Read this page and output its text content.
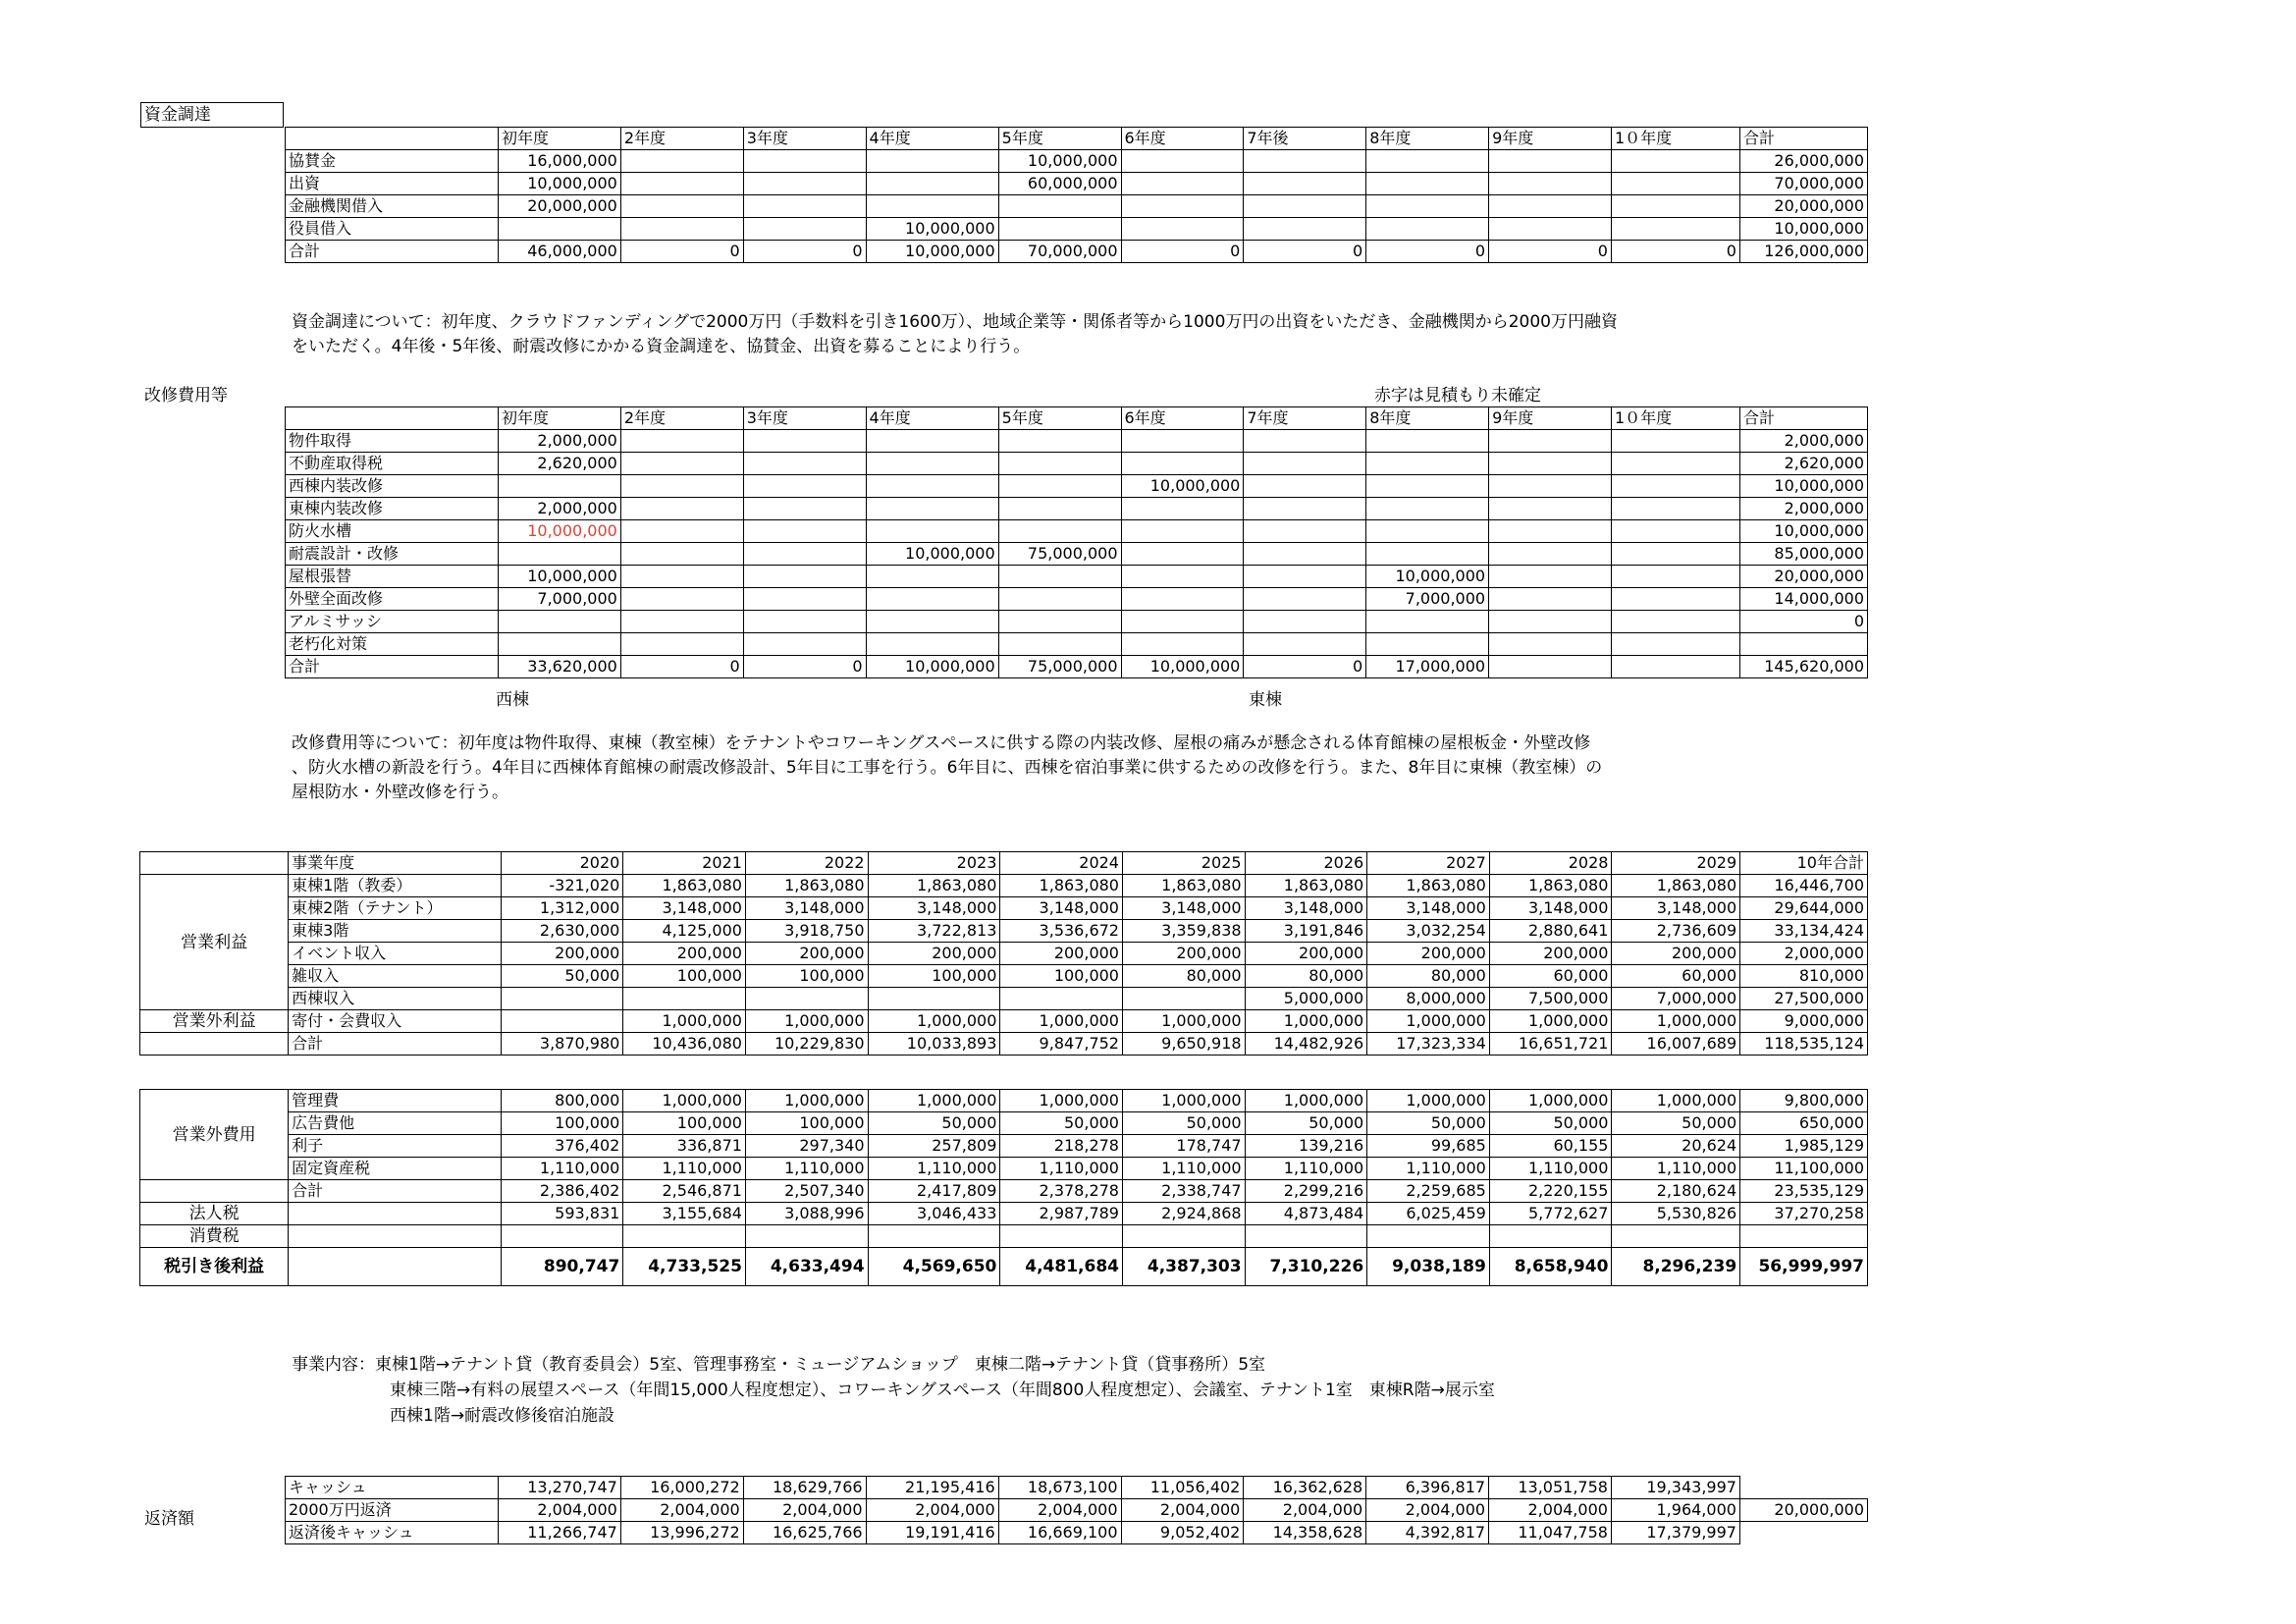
資金調達
	初年度	2年度	3年度	4年度	5年度	6年度	7年後	8年度	9年度	1０年度	合計
協賛金	16,000,000				10,000,000						26,000,000
出資	10,000,000				60,000,000						70,000,000
金融機関借入	20,000,000										20,000,000
役員借入				10,000,000							10,000,000
合計	46,000,000	0	0	10,000,000	70,000,000	0	0	0	0	0	126,000,000
資金調達について：初年度、クラウドファンディングで2000万円（手数料を引き1600万）、地域企業等・関係者等から1000万円の出資をいただき、金融機関から2000万円融資
をいただく。4年後・5年後、耐震改修にかかる資金調達を、協賛金、出資を募ることにより行う。
改修費用等	赤字は見積もり未確定
	初年度	2年度	3年度	4年度	5年度	6年度	7年度	8年度	9年度	1０年度	合計
物件取得	2,000,000										2,000,000
不動産取得税	2,620,000										2,620,000
西棟内装改修						10,000,000					10,000,000
東棟内装改修	2,000,000										2,000,000
防火水槽	10,000,000										10,000,000
耐震設計・改修				10,000,000	75,000,000						85,000,000
屋根張替	10,000,000							10,000,000			20,000,000
外壁全面改修	7,000,000							7,000,000			14,000,000
アルミサッシ											0
老朽化対策											
合計	33,620,000	0	0	10,000,000	75,000,000	10,000,000	0	17,000,000			145,620,000
西棟	東棟
改修費用等について：初年度は物件取得、東棟（教室棟）をテナントやコワーキングスペースに供する際の内装改修、屋根の痛みが懸念される体育館棟の屋根板金・外壁改修
、防火水槽の新設を行う。4年目に西棟体育館棟の耐震改修設計、5年目に工事を行う。6年目に、西棟を宿泊事業に供するための改修を行う。また、8年目に東棟（教室棟）の
屋根防水・外壁改修を行う。
	事業年度	2020	2021	2022	2023	2024	2025	2026	2027	2028	2029	10年合計
営業利益	東棟1階（教委）	-321,020	1,863,080	1,863,080	1,863,080	1,863,080	1,863,080	1,863,080	1,863,080	1,863,080	1,863,080	16,446,700
	東棟2階（テナント）	1,312,000	3,148,000	3,148,000	3,148,000	3,148,000	3,148,000	3,148,000	3,148,000	3,148,000	3,148,000	29,644,000
	東棟3階	2,630,000	4,125,000	3,918,750	3,722,813	3,536,672	3,359,838	3,191,846	3,032,254	2,880,641	2,736,609	33,134,424
	イベント収入	200,000	200,000	200,000	200,000	200,000	200,000	200,000	200,000	200,000	200,000	2,000,000
	雑収入	50,000	100,000	100,000	100,000	100,000	80,000	80,000	80,000	60,000	60,000	810,000
	西棟収入							5,000,000	8,000,000	7,500,000	7,000,000	27,500,000
営業外利益	寄付・会費収入		1,000,000	1,000,000	1,000,000	1,000,000	1,000,000	1,000,000	1,000,000	1,000,000	1,000,000	9,000,000
	合計	3,870,980	10,436,080	10,229,830	10,033,893	9,847,752	9,650,918	14,482,926	17,323,334	16,651,721	16,007,689	118,535,124
営業外費用	管理費	800,000	1,000,000	1,000,000	1,000,000	1,000,000	1,000,000	1,000,000	1,000,000	1,000,000	1,000,000	9,800,000
	広告費他	100,000	100,000	100,000	50,000	50,000	50,000	50,000	50,000	50,000	50,000	650,000
	利子	376,402	336,871	297,340	257,809	218,278	178,747	139,216	99,685	60,155	20,624	1,985,129
	固定資産税	1,110,000	1,110,000	1,110,000	1,110,000	1,110,000	1,110,000	1,110,000	1,110,000	1,110,000	1,110,000	11,100,000
	合計	2,386,402	2,546,871	2,507,340	2,417,809	2,378,278	2,338,747	2,299,216	2,259,685	2,220,155	2,180,624	23,535,129
法人税		593,831	3,155,684	3,088,996	3,046,433	2,987,789	2,924,868	4,873,484	6,025,459	5,772,627	5,530,826	37,270,258
消費税												
税引き後利益		890,747	4,733,525	4,633,494	4,569,650	4,481,684	4,387,303	7,310,226	9,038,189	8,658,940	8,296,239	56,999,997
事業内容：東棟1階→テナント貸（教育委員会）5室、管理事務室・ミュージアムショップ　東棟二階→テナント貸（貸事務所）5室
東棟三階→有料の展望スペース（年間15,000人程度想定）、コワーキングスペース（年間800人程度想定）、会議室、テナント1室　東棟R階→展示室
西棟1階→耐震改修後宿泊施設
返済額
キャッシュ	13,270,747	16,000,272	18,629,766	21,195,416	18,673,100	11,056,402	16,362,628	6,396,817	13,051,758	19,343,997	
2000万円返済	2,004,000	2,004,000	2,004,000	2,004,000	2,004,000	2,004,000	2,004,000	2,004,000	2,004,000	1,964,000	20,000,000
返済後キャッシュ	11,266,747	13,996,272	16,625,766	19,191,416	16,669,100	9,052,402	14,358,628	4,392,817	11,047,758	17,379,997	
